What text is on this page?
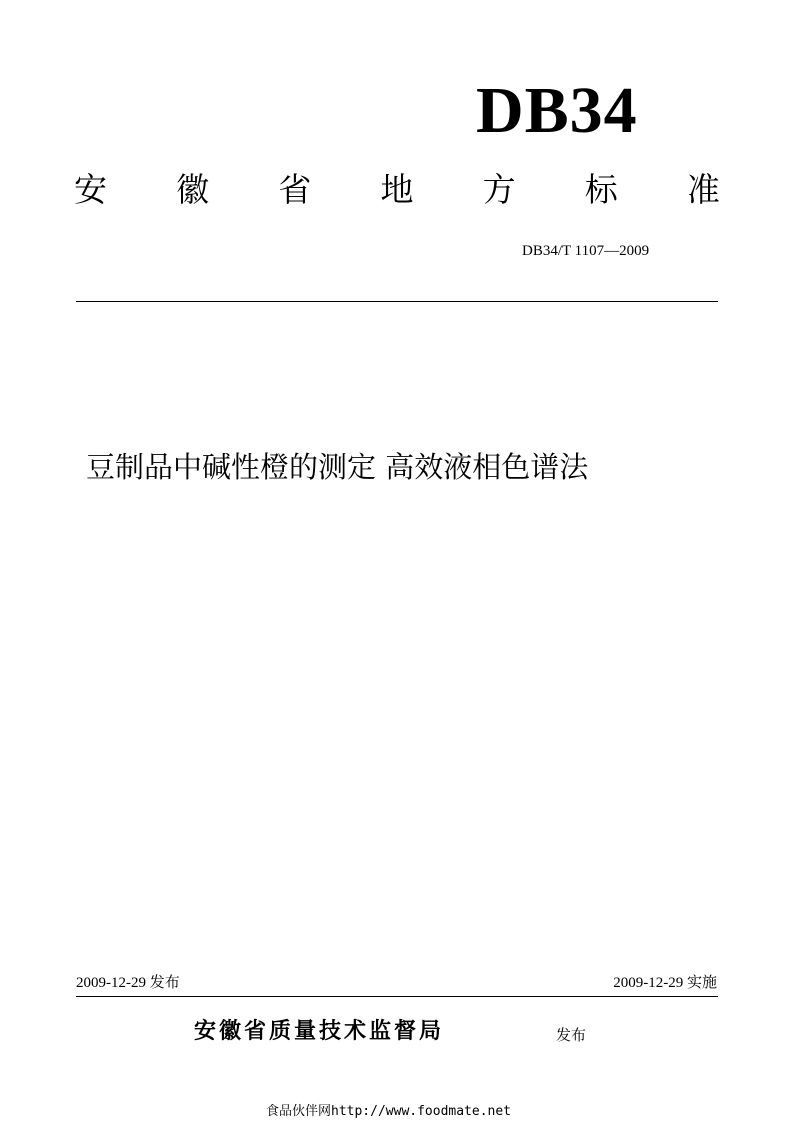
DB34
安 徽 省 地 方 标 准
DB34/T 1107—2009
豆制品中碱性橙的测定 高效液相色谱法
2009-12-29 发布	2009-12-29 实施
安徽省质量技术监督局	发布
食品伙伴网http://www.foodmate.net
